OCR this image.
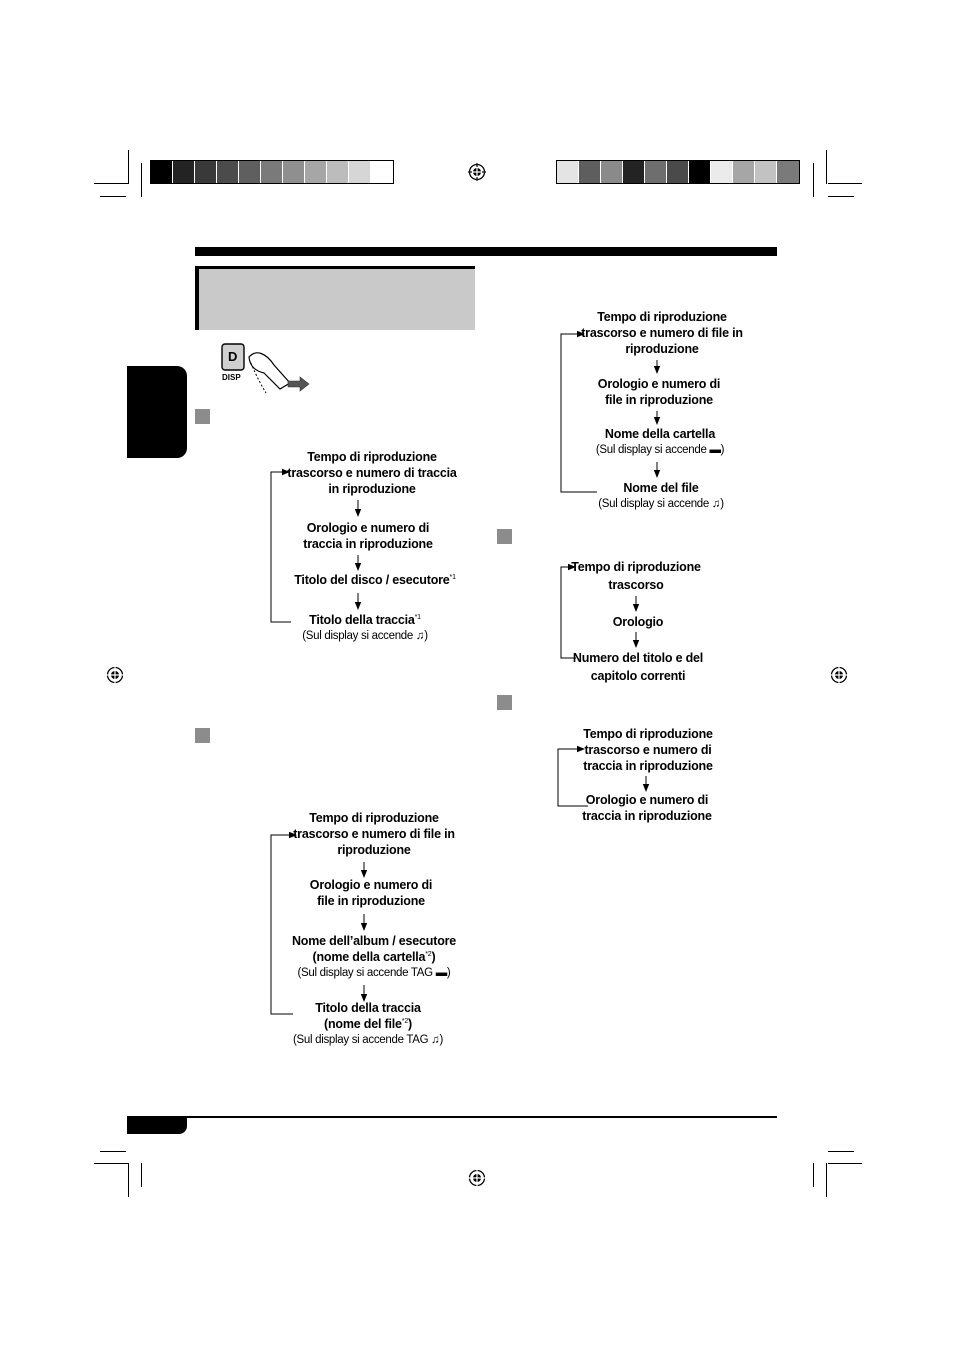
D
DISP
Tempo di riproduzione
trascorso e numero di traccia
in riproduzione
Orologio e numero di
traccia in riproduzione
Titolo del disco / esecutore$^{*1}$
Titolo della traccia$^{*1}$
(Sul display si accende ♫)
Tempo di riproduzione
trascorso e numero di file in
riproduzione
Orologio e numero di
file in riproduzione
Nome dell’album / esecutore
(nome della cartella$^{*2}$)
(Sul display si accende TAG ▬)
Titolo della traccia
(nome del file$^{*2}$)
(Sul display si accende TAG ♫)
Tempo di riproduzione
trascorso e numero di file in
riproduzione
Orologio e numero di
file in riproduzione
Nome della cartella
(Sul display si accende ▬)
Nome del file
(Sul display si accende ♫)
Tempo di riproduzione
trascorso
Orologio
Numero del titolo e del
capitolo correnti
Tempo di riproduzione
trascorso e numero di
traccia in riproduzione
Orologio e numero di
traccia in riproduzione
